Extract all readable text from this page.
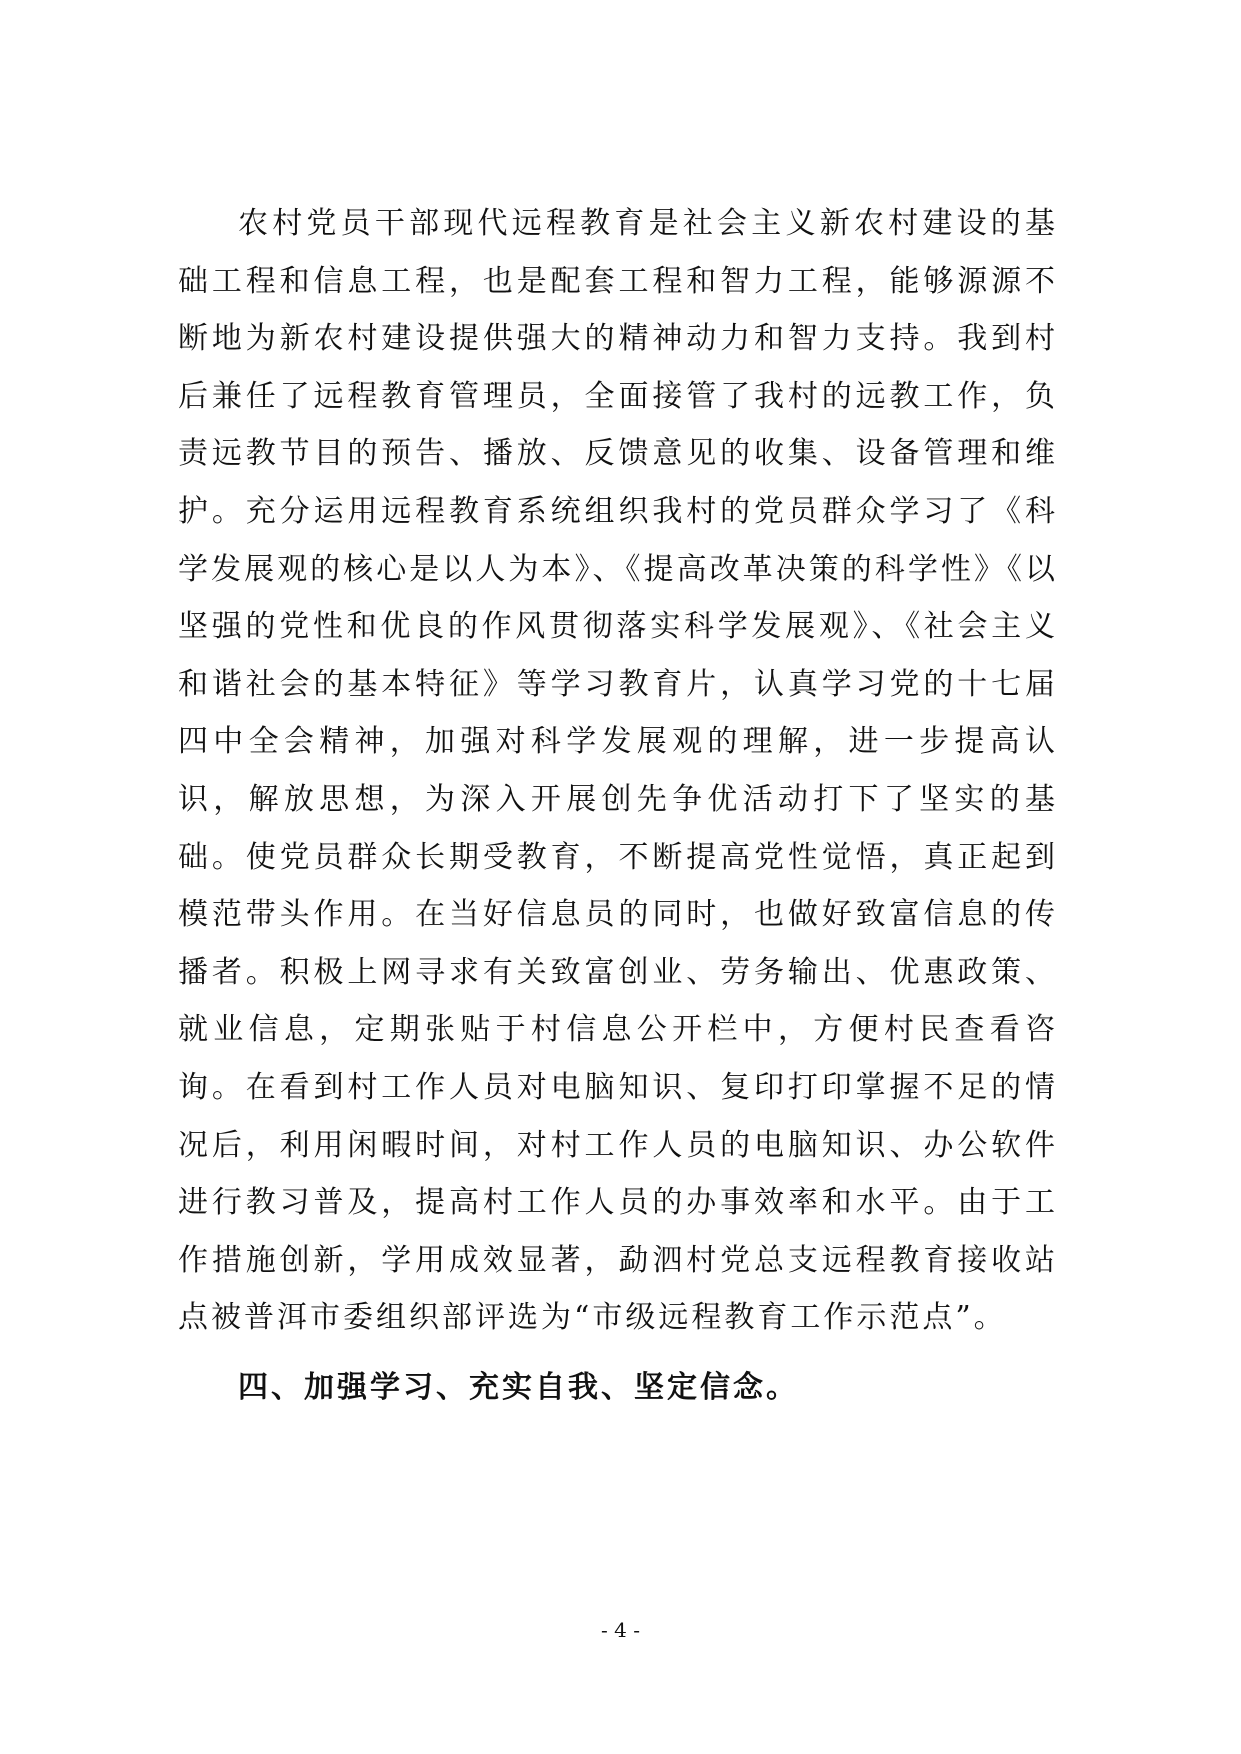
农村党员干部现代远程教育是社会主义新农村建设的基础工程和信息工程，也是配套工程和智力工程，能够源源不断地为新农村建设提供强大的精神动力和智力支持。我到村后兼任了远程教育管理员，全面接管了我村的远教工作，负责远教节目的预告、播放、反馈意见的收集、设备管理和维护。充分运用远程教育系统组织我村的党员群众学习了《科学发展观的核心是以人为本》、《提高改革决策的科学性》《以坚强的党性和优良的作风贯彻落实科学发展观》、《社会主义和谐社会的基本特征》等学习教育片，认真学习党的十七届四中全会精神，加强对科学发展观的理解，进一步提高认识，解放思想，为深入开展创先争优活动打下了坚实的基础。使党员群众长期受教育，不断提高党性觉悟，真正起到模范带头作用。在当好信息员的同时，也做好致富信息的传播者。积极上网寻求有关致富创业、劳务输出、优惠政策、就业信息，定期张贴于村信息公开栏中，方便村民查看咨询。在看到村工作人员对电脑知识、复印打印掌握不足的情况后，利用闲暇时间，对村工作人员的电脑知识、办公软件进行教习普及，提高村工作人员的办事效率和水平。由于工作措施创新，学用成效显著，勐泗村党总支远程教育接收站点被普洱市委组织部评选为“市级远程教育工作示范点”。

四、加强学习、充实自我、坚定信念。

- 4 -
